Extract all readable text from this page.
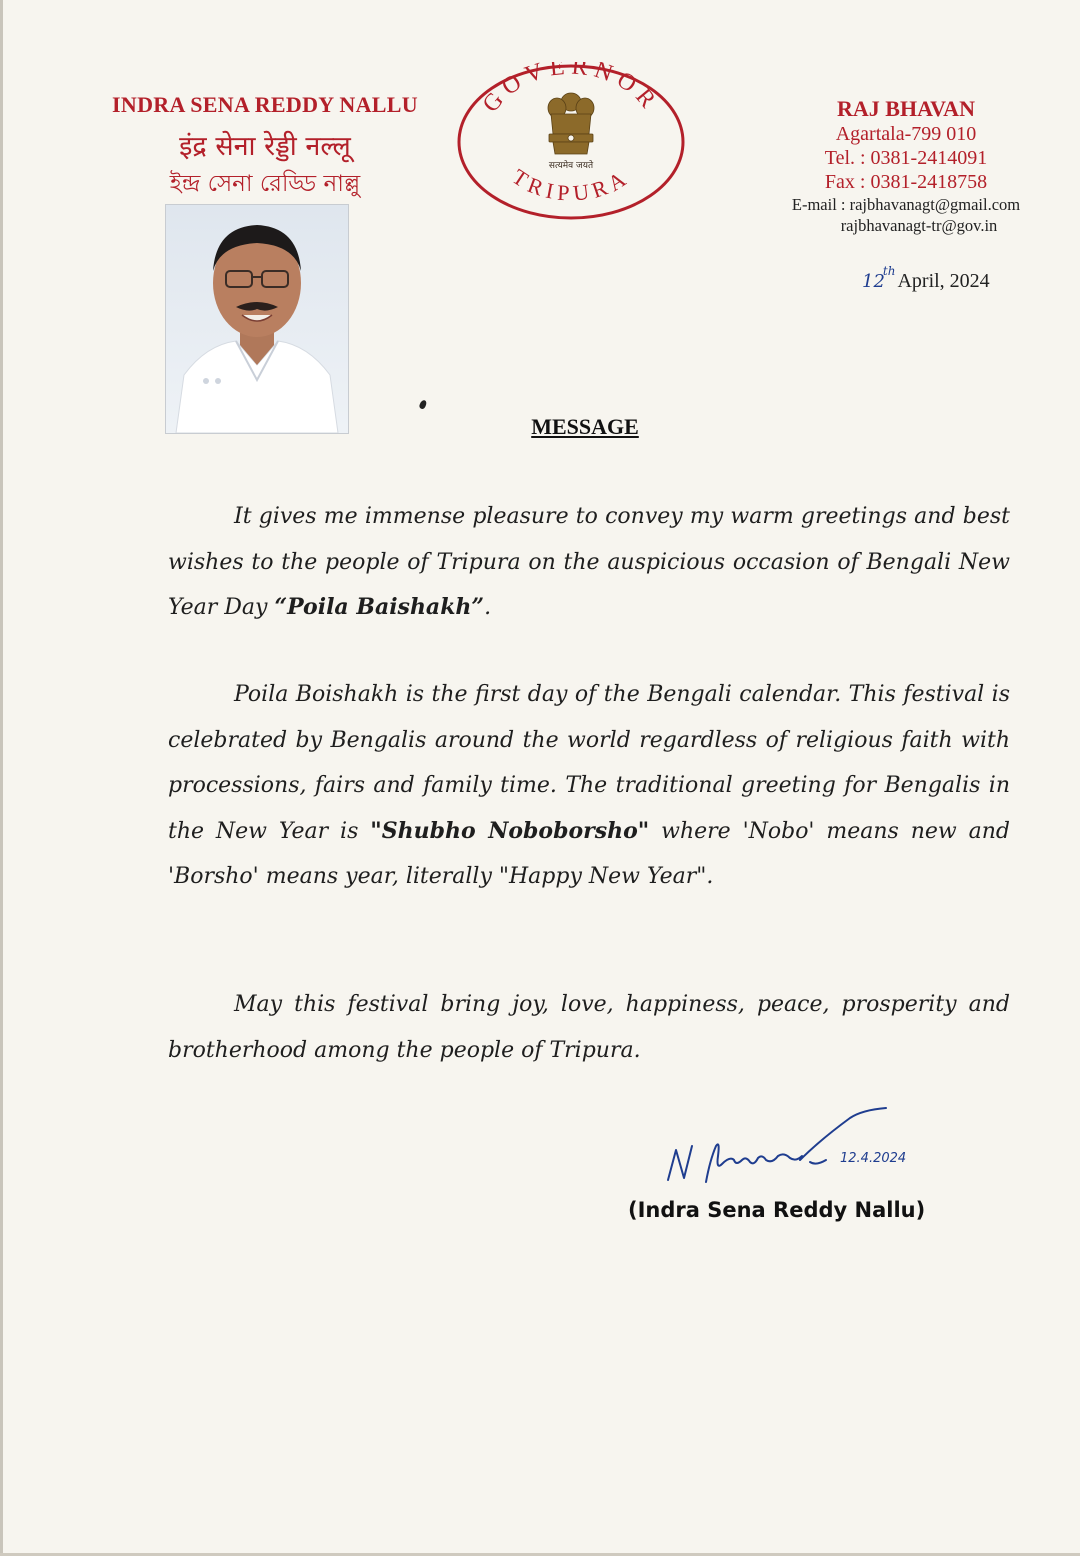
INDRA SENA REDDY NALLU
इंद्र सेना रेड्डी नल्लू
ইন্দ্র সেনা রেড্ডি নাল্লু
GOVERNOR
TRIPURA
सत्यमेव जयते
RAJ BHAVAN
Agartala-799 010
Tel. : 0381-2414091
Fax : 0381-2418758
E-mail : rajbhavanagt@gmail.com
rajbhavanagt-tr@gov.in
12th April, 2024
MESSAGE

It gives me immense pleasure to convey my warm greetings and best wishes to the people of Tripura on the auspicious occasion of Bengali New Year Day “Poila Baishakh”.

Poila Boishakh is the first day of the Bengali calendar. This festival is celebrated by Bengalis around the world regardless of religious faith with processions, fairs and family time. The traditional greeting for Bengalis in the New Year is "Shubho Noboborsho" where 'Nobo' means new and 'Borsho' means year, literally "Happy New Year".

May this festival bring joy, love, happiness, peace, prosperity and brotherhood among the people of Tripura.

12.4.2024
(Indra Sena Reddy Nallu)
